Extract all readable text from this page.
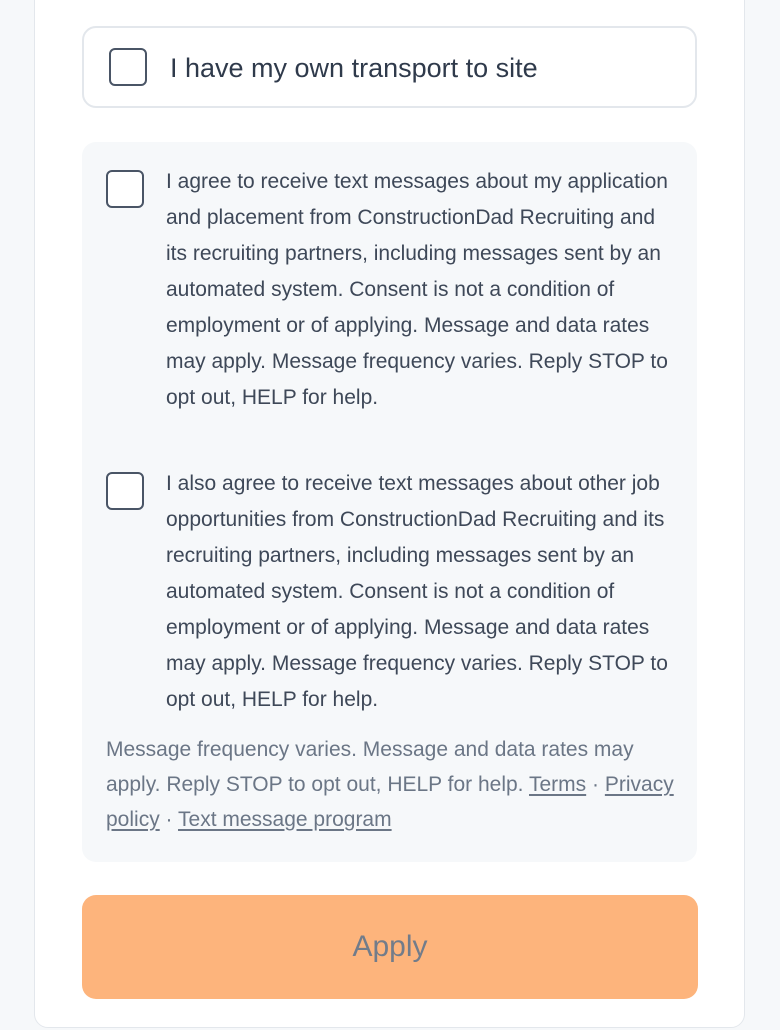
I have my own transport to site
I agree to receive text messages about my application and placement from ConstructionDad Recruiting and its recruiting partners, including messages sent by an automated system. Consent is not a condition of employment or of applying. Message and data rates may apply. Message frequency varies. Reply STOP to opt out, HELP for help.
I also agree to receive text messages about other job opportunities from ConstructionDad Recruiting and its recruiting partners, including messages sent by an automated system. Consent is not a condition of employment or of applying. Message and data rates may apply. Message frequency varies. Reply STOP to opt out, HELP for help.
Message frequency varies. Message and data rates may apply. Reply STOP to opt out, HELP for help. Terms · Privacy policy · Text message program
Apply
